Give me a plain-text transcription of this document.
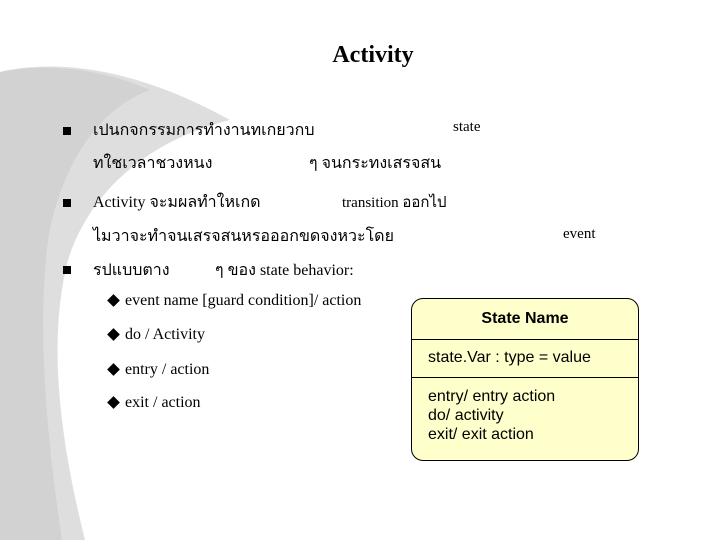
Activity
เปนกจกรรมการทำงานทเกยวกบ	state
ทใชเวลาชวงหนง	ๆ จนกระทงเสรจสน
Activity จะมผลทำใหเกด	transition ออกไป
ไมวาจะทำจนเสรจสนหรอออกขดจงหวะโดย	event
รปแบบตาง	ๆ ของ state behavior:
event name [guard condition]/ action
do / Activity
entry / action
exit / action
State Name
state.Var : type = value
entry/ entry action
do/ activity
exit/ exit action
